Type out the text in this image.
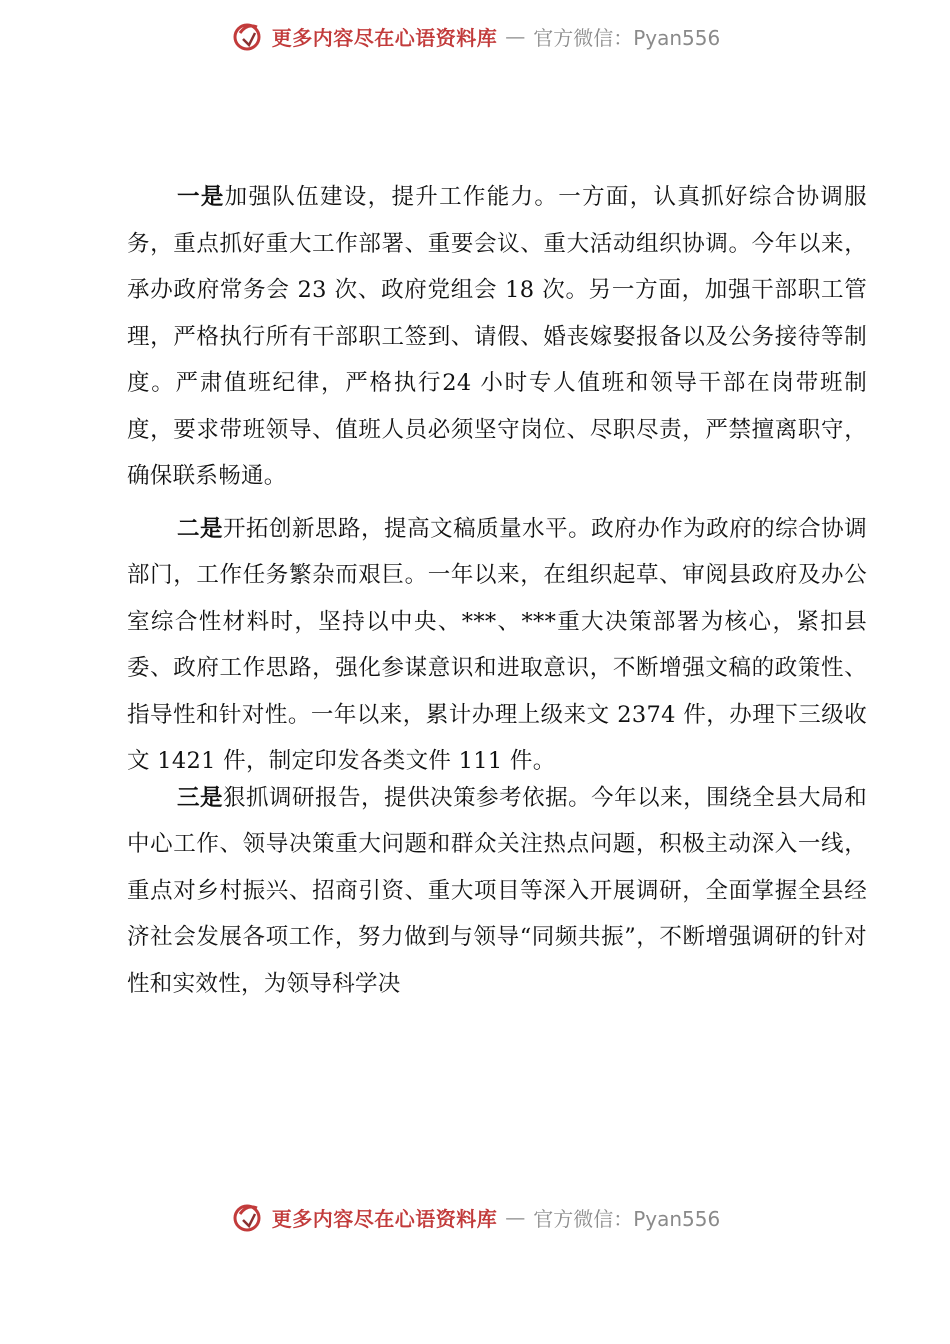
更多内容尽在心语资料库 — 官方微信：Pyan556

一是加强队伍建设，提升工作能力。一方面，认真抓好综合协调服务，重点抓好重大工作部署、重要会议、重大活动组织协调。今年以来，承办政府常务会 23 次、政府党组会 18 次。另一方面，加强干部职工管理，严格执行所有干部职工签到、请假、婚丧嫁娶报备以及公务接待等制度。严肃值班纪律，严格执行24 小时专人值班和领导干部在岗带班制度，要求带班领导、值班人员必须坚守岗位、尽职尽责，严禁擅离职守，确保联系畅通。

二是开拓创新思路，提高文稿质量水平。政府办作为政府的综合协调部门，工作任务繁杂而艰巨。一年以来，在组织起草、审阅县政府及办公室综合性材料时，坚持以中央、***、***重大决策部署为核心，紧扣县委、政府工作思路，强化参谋意识和进取意识，不断增强文稿的政策性、指导性和针对性。一年以来，累计办理上级来文 2374 件，办理下三级收文 1421 件，制定印发各类文件 111 件。

三是狠抓调研报告，提供决策参考依据。今年以来，围绕全县大局和中心工作、领导决策重大问题和群众关注热点问题，积极主动深入一线，重点对乡村振兴、招商引资、重大项目等深入开展调研，全面掌握全县经济社会发展各项工作，努力做到与领导“同频共振”，不断增强调研的针对性和实效性，为领导科学决

更多内容尽在心语资料库 — 官方微信：Pyan556
